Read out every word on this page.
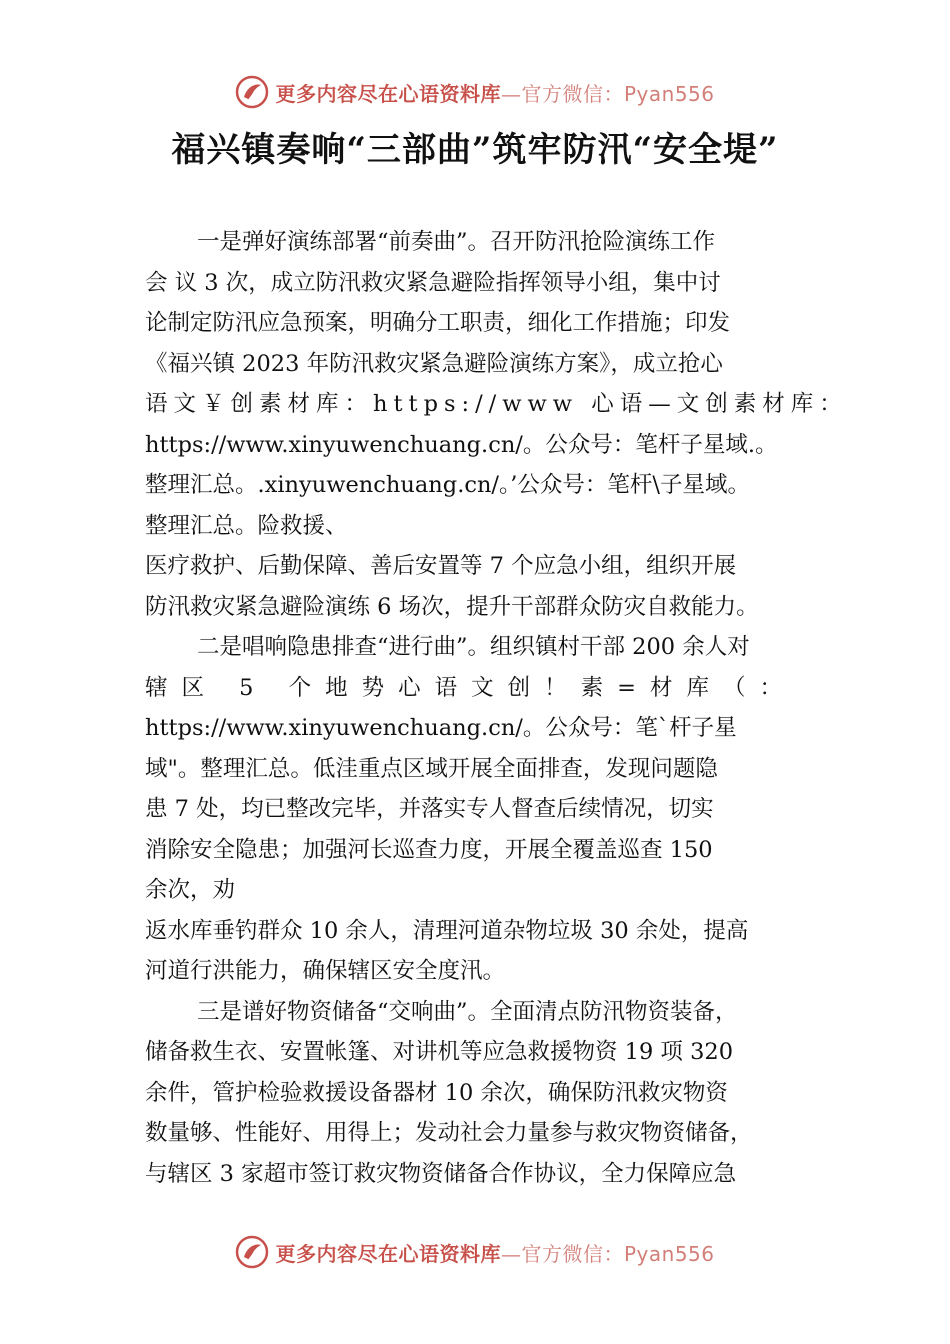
更多内容尽在心语资料库—官方微信：Pyan556
福兴镇奏响“三部曲”筑牢防汛“安全堤”
一是弹好演练部署“前奏曲”。召开防汛抢险演练工作
会 议 3 次，成立防汛救灾紧急避险指挥领导小组，集中讨
论制定防汛应急预案，明确分工职责，细化工作措施；印发
《福兴镇 2023 年防汛救灾紧急避险演练方案》，成立抢心
语文￥创素材库：https://www 心语—文创素材库：
https://www.xinyuwenchuang.cn/。公众号：笔杆子星域.。
整理汇总。.xinyuwenchuang.cn/。’公众号：笔杆\子星域。
整理汇总。险救援、
医疗救护、后勤保障、善后安置等 7 个应急小组，组织开展
防汛救灾紧急避险演练 6 场次，提升干部群众防灾自救能力。
二是唱响隐患排查“进行曲”。组织镇村干部 200 余人对
辖区 5 个地势心语文创！素=材库（：
https://www.xinyuwenchuang.cn/。公众号：笔`杆子星
域"。整理汇总。低洼重点区域开展全面排查，发现问题隐
患 7 处，均已整改完毕，并落实专人督查后续情况，切实
消除安全隐患；加强河长巡查力度，开展全覆盖巡查 150
余次，劝
返水库垂钓群众 10 余人，清理河道杂物垃圾 30 余处，提高
河道行洪能力，确保辖区安全度汛。
三是谱好物资储备“交响曲”。全面清点防汛物资装备，
储备救生衣、安置帐篷、对讲机等应急救援物资 19 项 320
余件，管护检验救援设备器材 10 余次，确保防汛救灾物资
数量够、性能好、用得上；发动社会力量参与救灾物资储备，
与辖区 3 家超市签订救灾物资储备合作协议，全力保障应急
更多内容尽在心语资料库—官方微信：Pyan556
